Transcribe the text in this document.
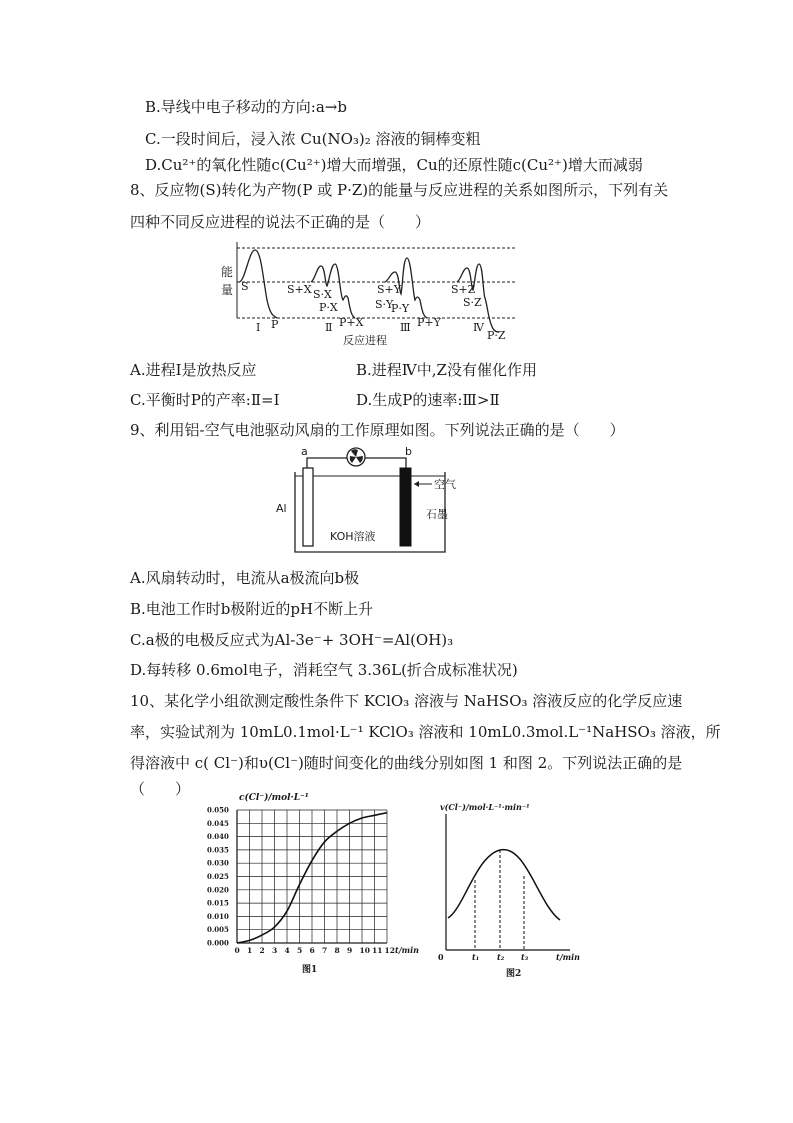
B.导线中电子移动的方向:a→b
C.一段时间后，浸入浓 Cu(NO₃)₂ 溶液的铜棒变粗
D.Cu²⁺的氧化性随c(Cu²⁺)增大而增强，Cu的还原性随c(Cu²⁺)增大而减弱
8、反应物(S)转化为产物(P 或 P·Z)的能量与反应进程的关系如图所示，下列有关
四种不同反应进程的说法不正确的是（　　）
能
量 S
Ⅰ P
S+X S·X
P·X
Ⅱ P+X
S+Y
S·Y
P·Y
Ⅲ P+Y
S+Z
S·Z
Ⅳ
P·Z
反应进程
A.进程Ⅰ是放热反应	B.进程Ⅳ中,Z没有催化作用
C.平衡时P的产率:Ⅱ=Ⅰ	D.生成P的速率:Ⅲ>Ⅱ
9、利用铝-空气电池驱动风扇的工作原理如图。下列说法正确的是（　　）
a	b
Al
空气
石墨
KOH溶液
A.风扇转动时，电流从a极流向b极
B.电池工作时b极附近的pH不断上升
C.a极的电极反应式为Al-3e⁻+ 3OH⁻=Al(OH)₃
D.每转移 0.6mol电子，消耗空气 3.36L(折合成标准状况)
10、某化学小组欲测定酸性条件下 KClO₃ 溶液与 NaHSO₃ 溶液反应的化学反应速
率，实验试剂为 10mL0.1mol·L⁻¹ KClO₃ 溶液和 10mL0.3mol.L⁻¹NaHSO₃ 溶液，所
得溶液中 c( Cl⁻)和υ(Cl⁻)随时间变化的曲线分别如图 1 和图 2。下列说法正确的是
（　　）
0.000
0.005
0.010
0.015
0.020
0.025
0.030
0.035
0.040
0.045
0.050
0 1 2 3 4 5 6 7 8 9 10 11 12
c(Cl⁻)/mol·L⁻¹
t/min
图1
v(Cl⁻)/mol·L⁻¹·min⁻¹
0	t₁ t₂ t₃	t/min
图2
